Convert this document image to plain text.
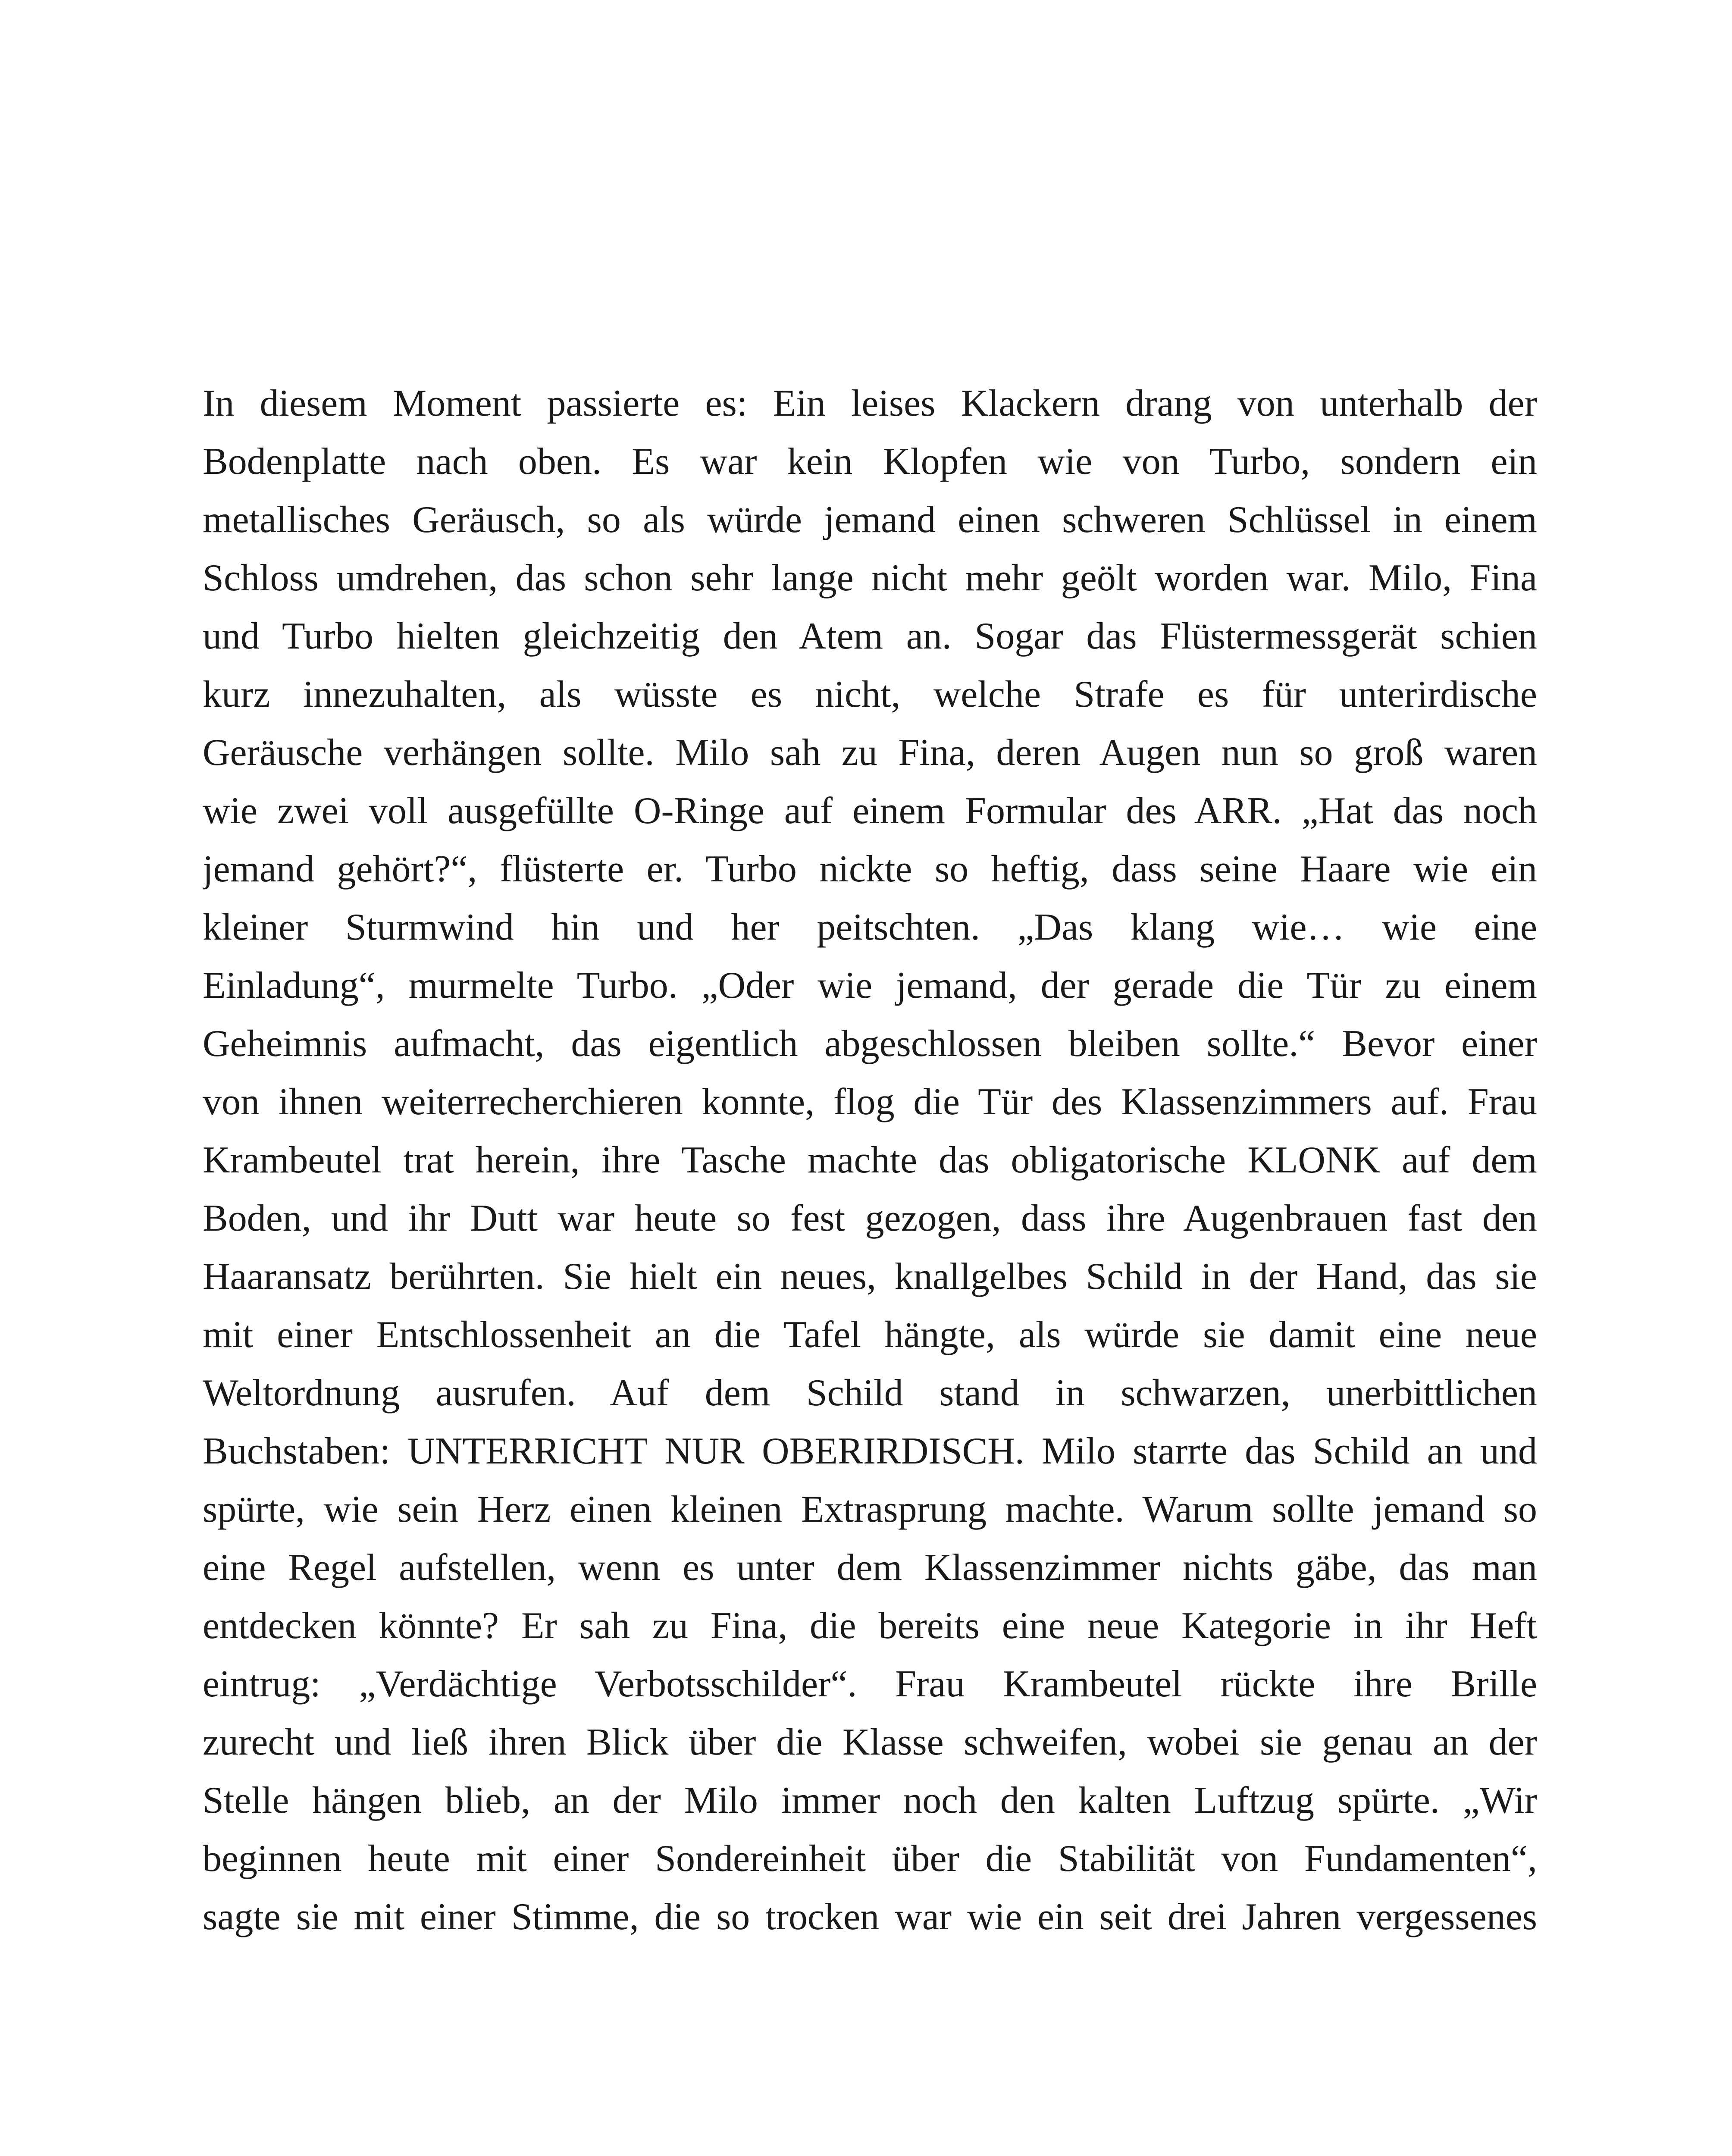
In diesem Moment passierte es: Ein leises Klackern drang von unterhalb der
Bodenplatte nach oben. Es war kein Klopfen wie von Turbo, sondern ein
metallisches Geräusch, so als würde jemand einen schweren Schlüssel in einem
Schloss umdrehen, das schon sehr lange nicht mehr geölt worden war. Milo, Fina
und Turbo hielten gleichzeitig den Atem an. Sogar das Flüstermessgerät schien
kurz innezuhalten, als wüsste es nicht, welche Strafe es für unterirdische
Geräusche verhängen sollte. Milo sah zu Fina, deren Augen nun so groß waren
wie zwei voll ausgefüllte O-Ringe auf einem Formular des ARR. „Hat das noch
jemand gehört?“, flüsterte er. Turbo nickte so heftig, dass seine Haare wie ein
kleiner Sturmwind hin und her peitschten. „Das klang wie… wie eine
Einladung“, murmelte Turbo. „Oder wie jemand, der gerade die Tür zu einem
Geheimnis aufmacht, das eigentlich abgeschlossen bleiben sollte.“ Bevor einer
von ihnen weiterrecherchieren konnte, flog die Tür des Klassenzimmers auf. Frau
Krambeutel trat herein, ihre Tasche machte das obligatorische KLONK auf dem
Boden, und ihr Dutt war heute so fest gezogen, dass ihre Augenbrauen fast den
Haaransatz berührten. Sie hielt ein neues, knallgelbes Schild in der Hand, das sie
mit einer Entschlossenheit an die Tafel hängte, als würde sie damit eine neue
Weltordnung ausrufen. Auf dem Schild stand in schwarzen, unerbittlichen
Buchstaben: UNTERRICHT NUR OBERIRDISCH. Milo starrte das Schild an und
spürte, wie sein Herz einen kleinen Extrasprung machte. Warum sollte jemand so
eine Regel aufstellen, wenn es unter dem Klassenzimmer nichts gäbe, das man
entdecken könnte? Er sah zu Fina, die bereits eine neue Kategorie in ihr Heft
eintrug: „Verdächtige Verbotsschilder“. Frau Krambeutel rückte ihre Brille
zurecht und ließ ihren Blick über die Klasse schweifen, wobei sie genau an der
Stelle hängen blieb, an der Milo immer noch den kalten Luftzug spürte. „Wir
beginnen heute mit einer Sondereinheit über die Stabilität von Fundamenten“,
sagte sie mit einer Stimme, die so trocken war wie ein seit drei Jahren vergessenes
